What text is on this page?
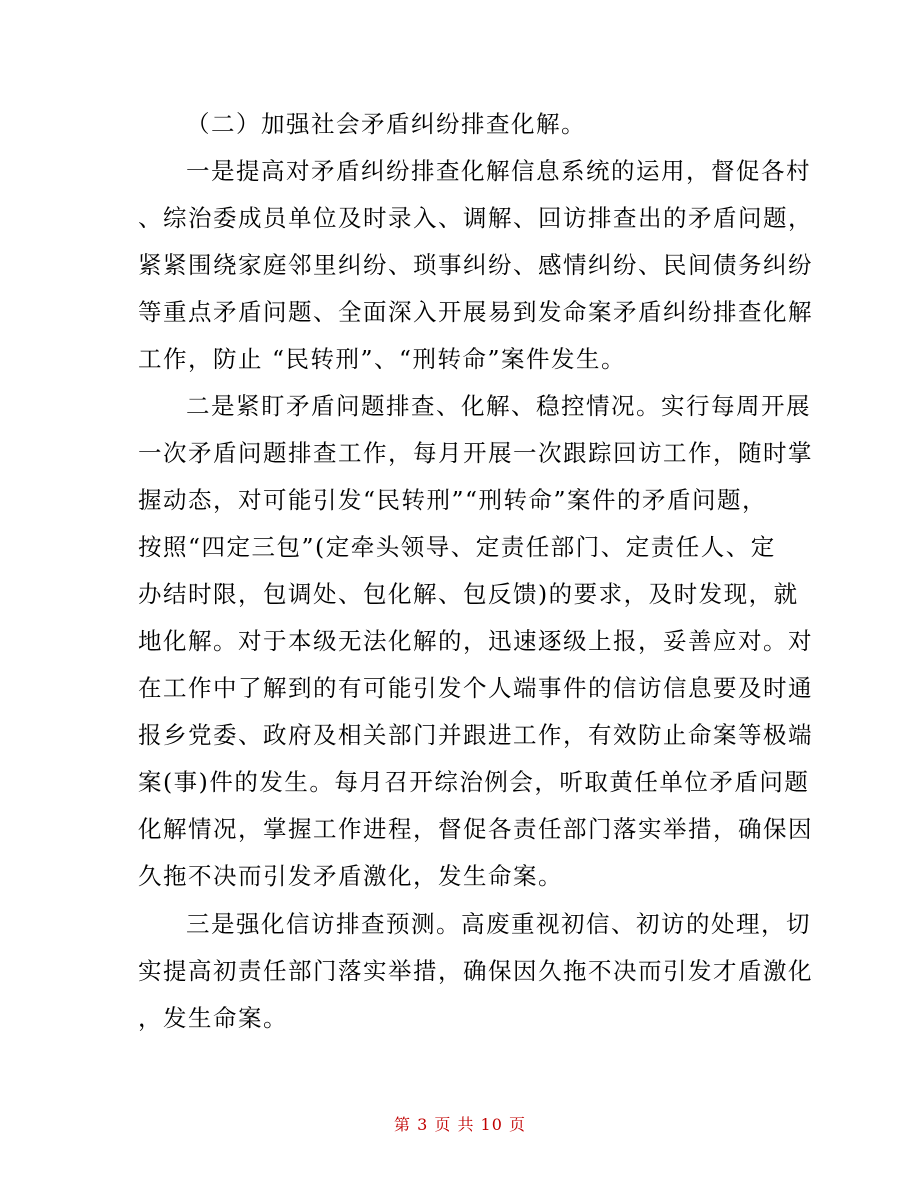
（二）加强社会矛盾纠纷排查化解。
一是提高对矛盾纠纷排查化解信息系统的运用，督促各村
、综治委成员单位及时录入、调解、回访排查出的矛盾问题，
紧紧围绕家庭邻里纠纷、琐事纠纷、感情纠纷、民间债务纠纷
等重点矛盾问题、全面深入开展易到发命案矛盾纠纷排查化解
工作，防止 “民转刑”、“刑转命”案件发生。
二是紧盯矛盾问题排查、化解、稳控情况。实行每周开展
一次矛盾问题排查工作，每月开展一次跟踪回访工作，随时掌
握动态，对可能引发“民转刑”“刑转命”案件的矛盾问题，
按照“四定三包”(定牵头领导、定责任部门、定责任人、定
办结时限，包调处、包化解、包反馈)的要求，及时发现，就
地化解。对于本级无法化解的，迅速逐级上报，妥善应对。对
在工作中了解到的有可能引发个人端事件的信访信息要及时通
报乡党委、政府及相关部门并跟进工作，有效防止命案等极端
案(事)件的发生。每月召开综治例会，听取黄任单位矛盾问题
化解情况，掌握工作进程，督促各责任部门落实举措，确保因
久拖不决而引发矛盾激化，发生命案。
三是强化信访排查预测。高废重视初信、初访的处理，切
实提高初责任部门落实举措，确保因久拖不决而引发才盾激化
，发生命案。
第 3 页 共 10 页
